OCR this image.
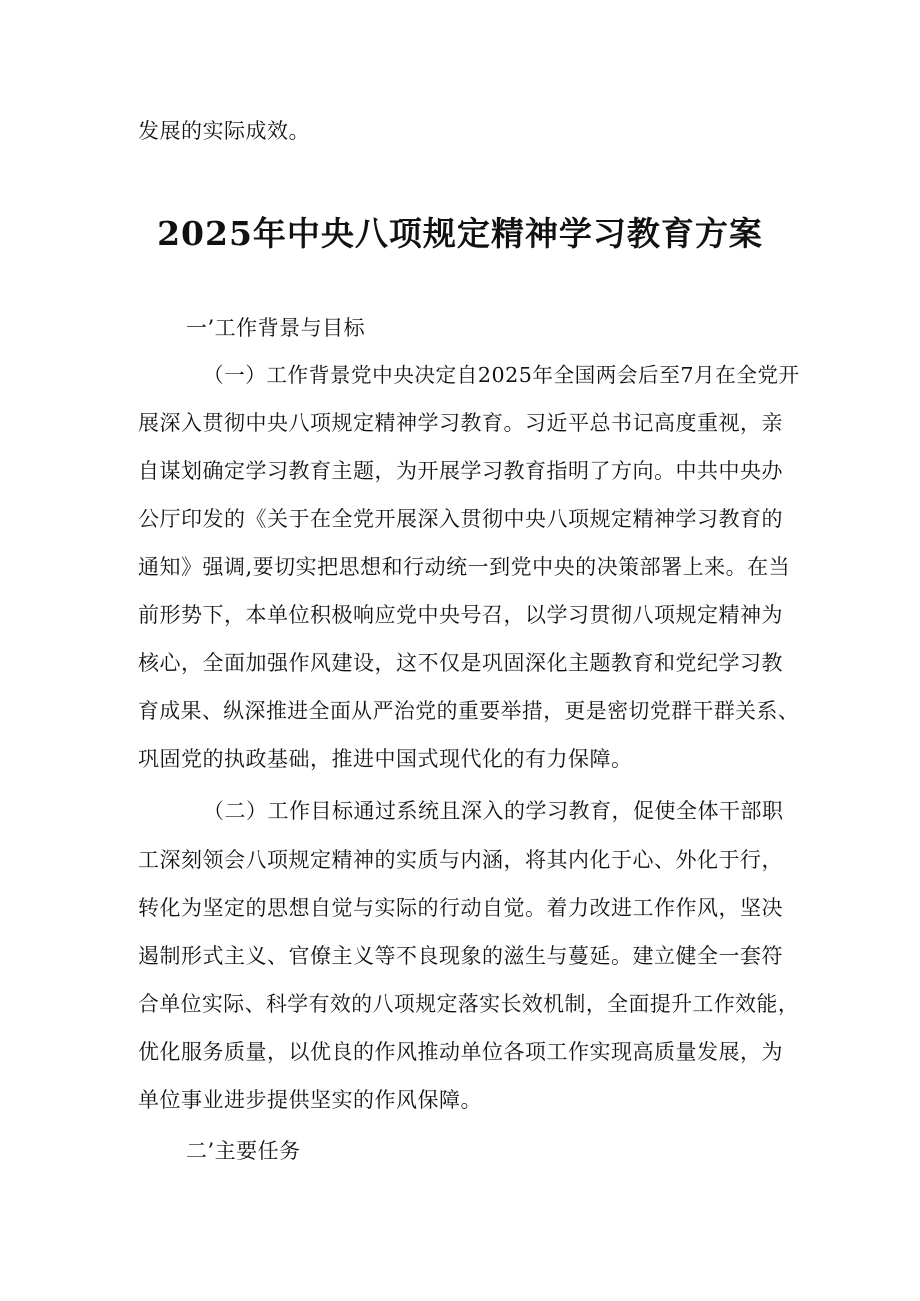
发展的实际成效。
2025年中央八项规定精神学习教育方案
一’工作背景与目标
（一）工作背景党中央决定自2025年全国两会后至7月在全党开
展深入贯彻中央八项规定精神学习教育。习近平总书记高度重视，亲
自谋划确定学习教育主题，为开展学习教育指明了方向。中共中央办
公厅印发的《关于在全党开展深入贯彻中央八项规定精神学习教育的
通知》强调,要切实把思想和行动统一到党中央的决策部署上来。在当
前形势下，本单位积极响应党中央号召，以学习贯彻八项规定精神为
核心，全面加强作风建设，这不仅是巩固深化主题教育和党纪学习教
育成果、纵深推进全面从严治党的重要举措，更是密切党群干群关系、
巩固党的执政基础，推进中国式现代化的有力保障。
（二）工作目标通过系统且深入的学习教育，促使全体干部职
工深刻领会八项规定精神的实质与内涵，将其内化于心、外化于行，
转化为坚定的思想自觉与实际的行动自觉。着力改进工作作风，坚决
遏制形式主义、官僚主义等不良现象的滋生与蔓延。建立健全一套符
合单位实际、科学有效的八项规定落实长效机制，全面提升工作效能，
优化服务质量，以优良的作风推动单位各项工作实现高质量发展，为
单位事业进步提供坚实的作风保障。
二’主要任务
